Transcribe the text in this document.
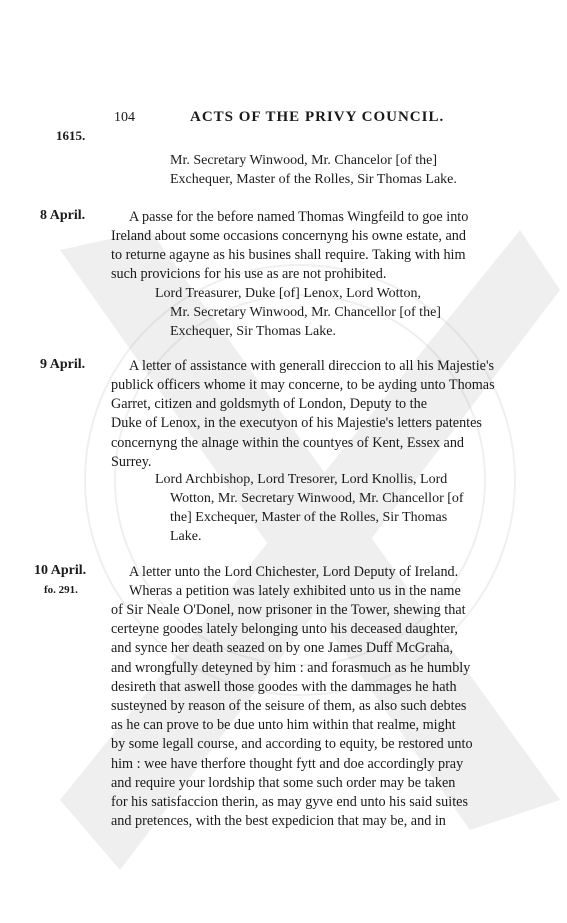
104	ACTS OF THE PRIVY COUNCIL.
1615.
Mr. Secretary Winwood, Mr. Chancelor [of the]
Exchequer, Master of the Rolles, Sir Thomas Lake.
8 April.	A passe for the before named Thomas Wingfeild to goe into
Ireland about some occasions concernyng his owne estate, and
to returne agayne as his busines shall require. Taking with him
such provicions for his use as are not prohibited.
Lord Treasurer, Duke [of] Lenox, Lord Wotton,
Mr. Secretary Winwood, Mr. Chancellor [of the]
Exchequer, Sir Thomas Lake.
9 April.	A letter of assistance with generall direccion to all his Majestie's
publick officers whome it may concerne, to be ayding unto Thomas
Garret, citizen and goldsmyth of London, Deputy to the
Duke of Lenox, in the executyon of his Majestie's letters patentes
concernyng the alnage within the countyes of Kent, Essex and
Surrey.
Lord Archbishop, Lord Tresorer, Lord Knollis, Lord
Wotton, Mr. Secretary Winwood, Mr. Chancellor [of
the] Exchequer, Master of the Rolles, Sir Thomas
Lake.
10 April.
fo. 291.
A letter unto the Lord Chichester, Lord Deputy of Ireland.
Wheras a petition was lately exhibited unto us in the name
of Sir Neale O'Donel, now prisoner in the Tower, shewing that
certeyne goodes lately belonging unto his deceased daughter,
and synce her death seazed on by one James Duff McGraha,
and wrongfully deteyned by him : and forasmuch as he humbly
desireth that aswell those goodes with the dammages he hath
susteyned by reason of the seisure of them, as also such debtes
as he can prove to be due unto him within that realme, might
by some legall course, and according to equity, be restored unto
him : wee have therfore thought fytt and doe accordingly pray
and require your lordship that some such order may be taken
for his satisfaccion therin, as may gyve end unto his said suites
and pretences, with the best expedicion that may be, and in
